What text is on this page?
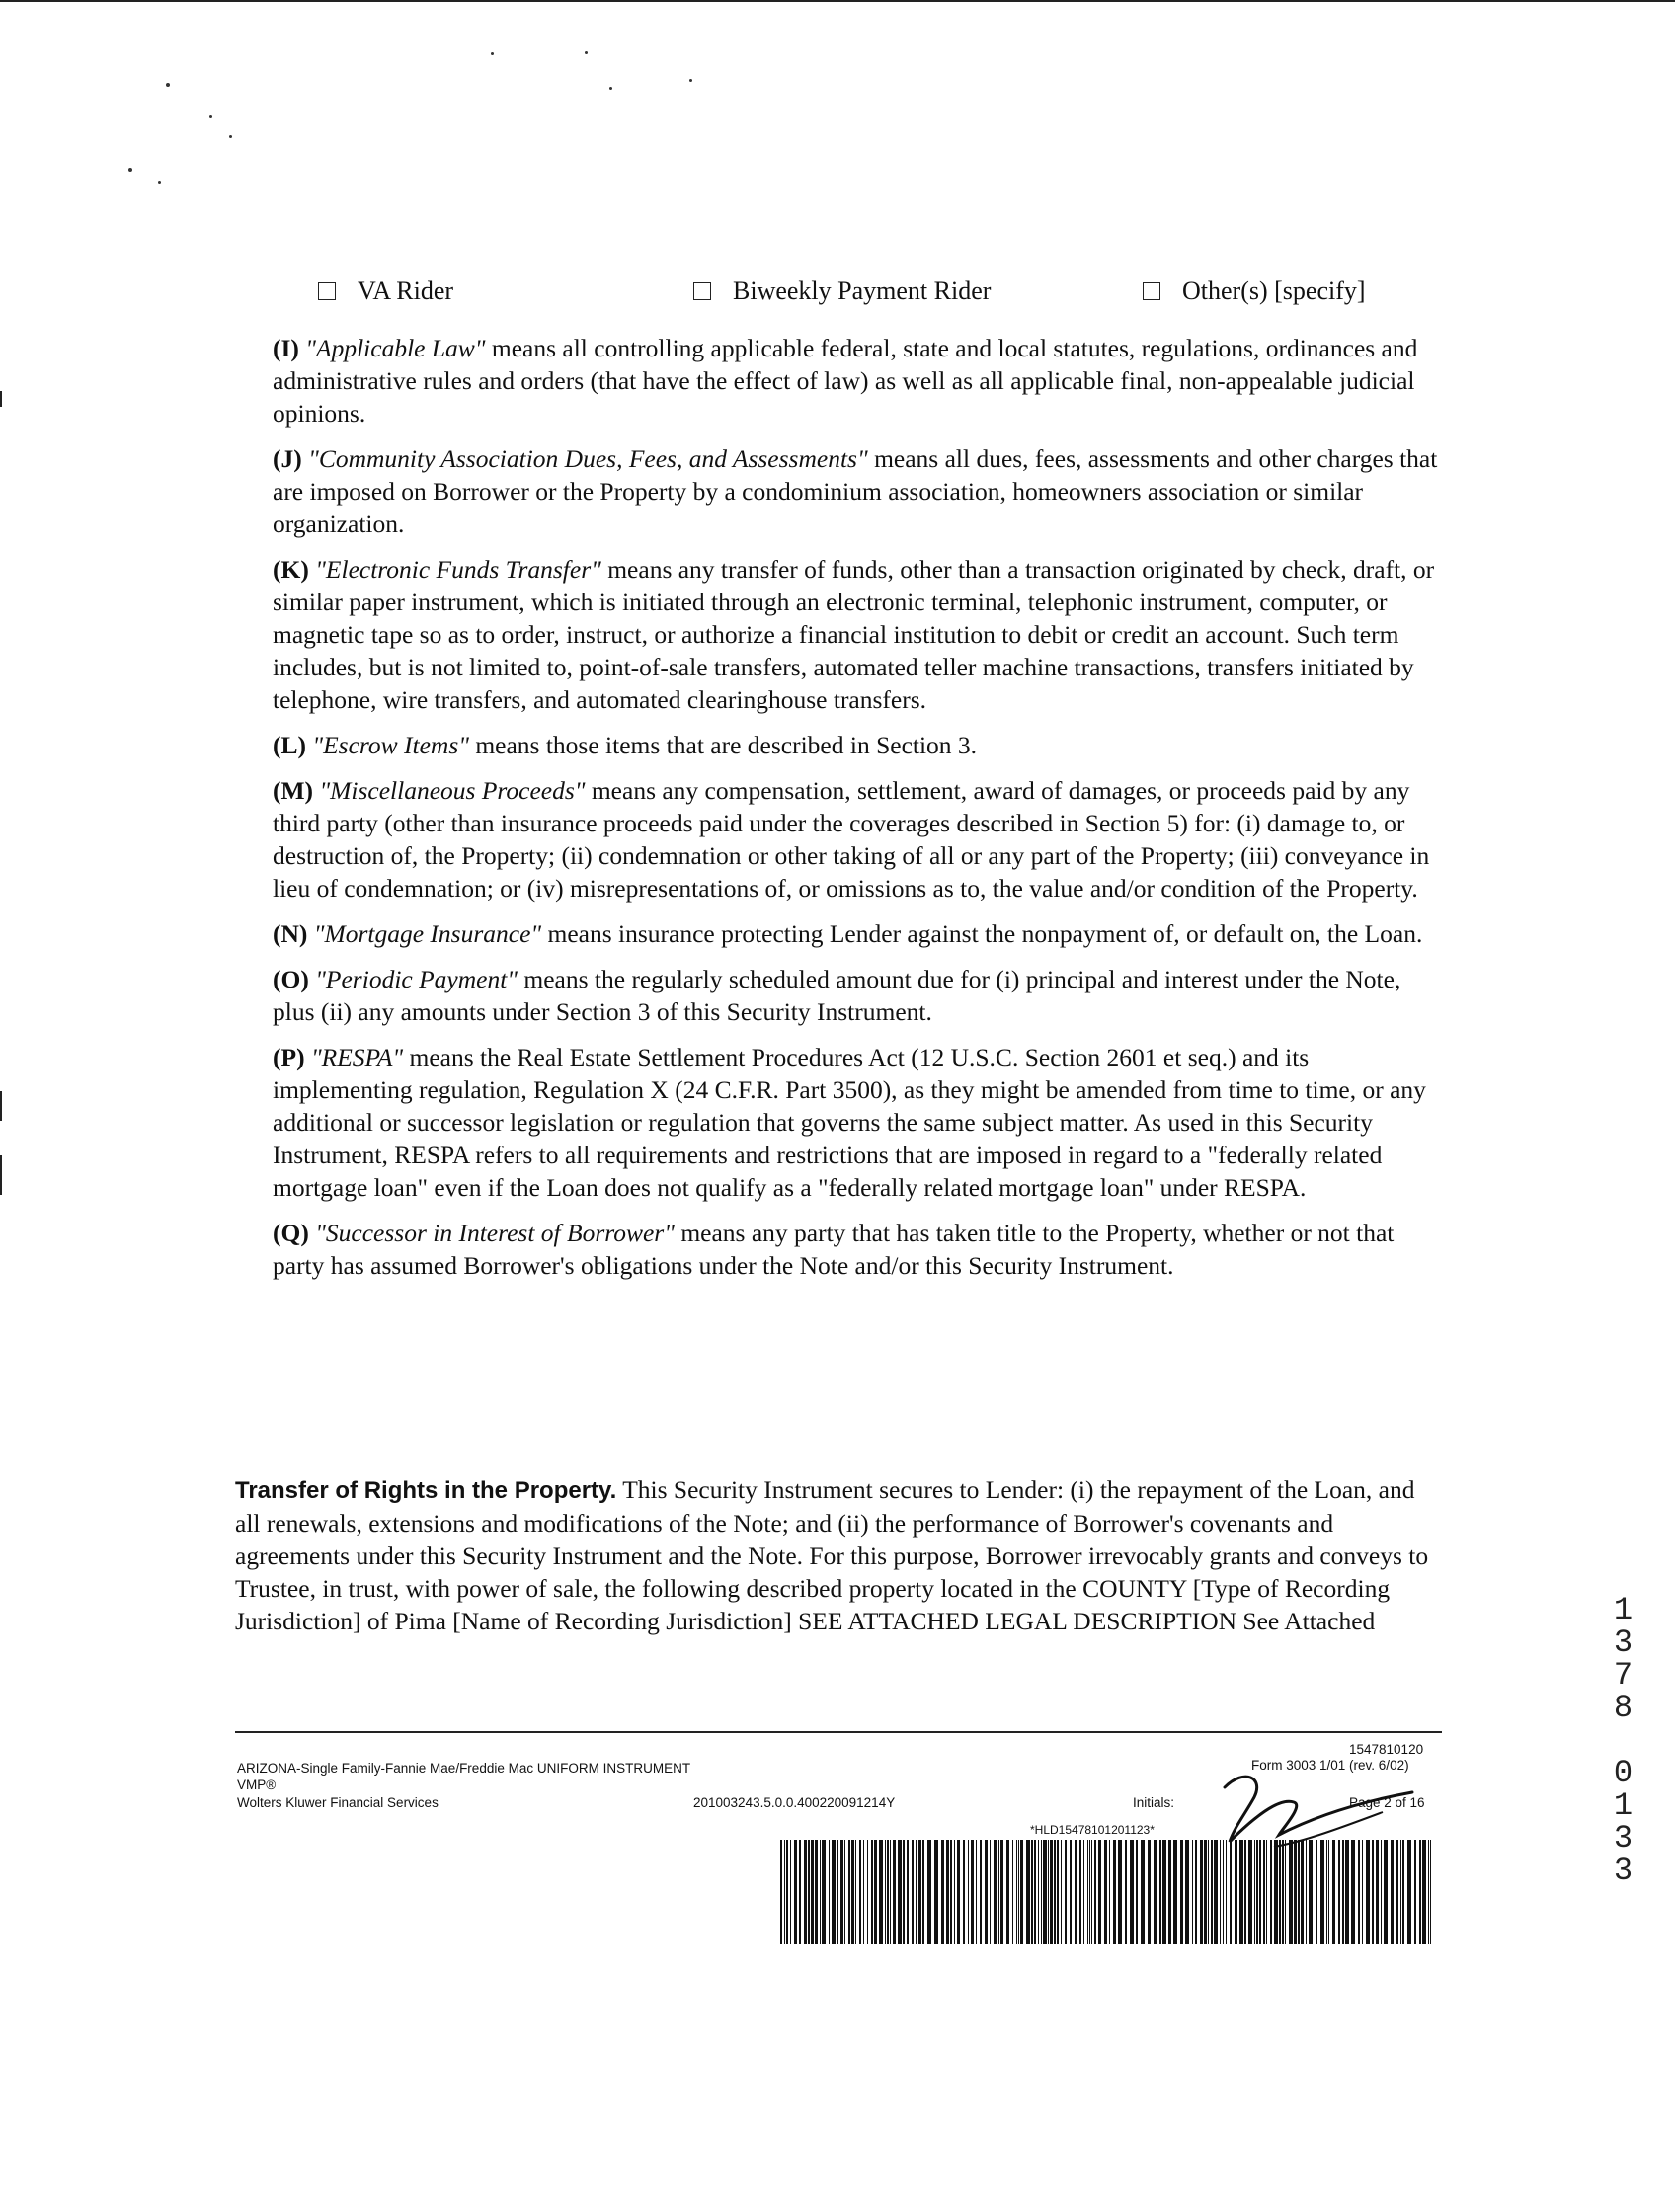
VA Rider	Biweekly Payment Rider	Other(s) [specify]

(I) "Applicable Law" means all controlling applicable federal, state and local statutes, regulations, ordinances and administrative rules and orders (that have the effect of law) as well as all applicable final, non-appealable judicial opinions.

(J) "Community Association Dues, Fees, and Assessments" means all dues, fees, assessments and other charges that are imposed on Borrower or the Property by a condominium association, homeowners association or similar organization.

(K) "Electronic Funds Transfer" means any transfer of funds, other than a transaction originated by check, draft, or similar paper instrument, which is initiated through an electronic terminal, telephonic instrument, computer, or magnetic tape so as to order, instruct, or authorize a financial institution to debit or credit an account. Such term includes, but is not limited to, point-of-sale transfers, automated teller machine transactions, transfers initiated by telephone, wire transfers, and automated clearinghouse transfers.

(L) "Escrow Items" means those items that are described in Section 3.

(M) "Miscellaneous Proceeds" means any compensation, settlement, award of damages, or proceeds paid by any third party (other than insurance proceeds paid under the coverages described in Section 5) for: (i) damage to, or destruction of, the Property; (ii) condemnation or other taking of all or any part of the Property; (iii) conveyance in lieu of condemnation; or (iv) misrepresentations of, or omissions as to, the value and/or condition of the Property.

(N) "Mortgage Insurance" means insurance protecting Lender against the nonpayment of, or default on, the Loan.

(O) "Periodic Payment" means the regularly scheduled amount due for (i) principal and interest under the Note, plus (ii) any amounts under Section 3 of this Security Instrument.

(P) "RESPA" means the Real Estate Settlement Procedures Act (12 U.S.C. Section 2601 et seq.) and its implementing regulation, Regulation X (24 C.F.R. Part 3500), as they might be amended from time to time, or any additional or successor legislation or regulation that governs the same subject matter. As used in this Security Instrument, RESPA refers to all requirements and restrictions that are imposed in regard to a "federally related mortgage loan" even if the Loan does not qualify as a "federally related mortgage loan" under RESPA.

(Q) "Successor in Interest of Borrower" means any party that has taken title to the Property, whether or not that party has assumed Borrower's obligations under the Note and/or this Security Instrument.

Transfer of Rights in the Property. This Security Instrument secures to Lender: (i) the repayment of the Loan, and all renewals, extensions and modifications of the Note; and (ii) the performance of Borrower's covenants and agreements under this Security Instrument and the Note. For this purpose, Borrower irrevocably grants and conveys to Trustee, in trust, with power of sale, the following described property located in the COUNTY [Type of Recording Jurisdiction] of Pima [Name of Recording Jurisdiction] SEE ATTACHED LEGAL DESCRIPTION See Attached	1378 0133
ARIZONA-Single Family-Fannie Mae/Freddie Mac UNIFORM INSTRUMENT
VMP®
Wolters Kluwer Financial Services	201003243.5.0.0.400220091214Y	Initials:
1547810120
Form 3003 1/01 (rev. 6/02)
Page 2 of 16
*HLD15478101201123*
